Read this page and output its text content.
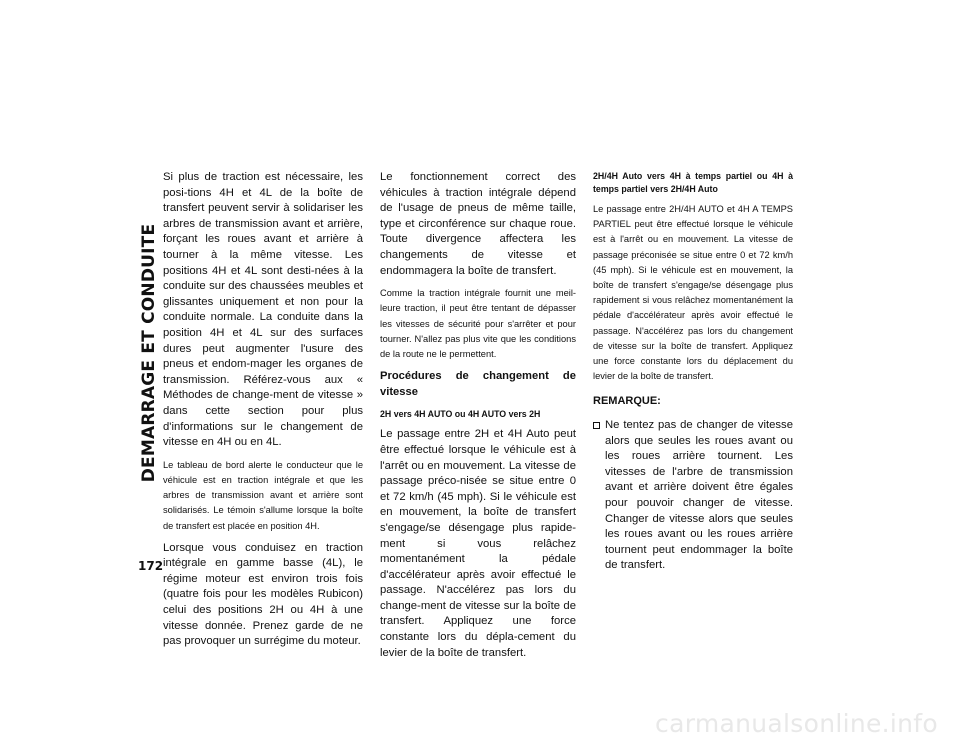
DEMARRAGE ET CONDUITE
172

Si plus de traction est nécessaire, les posi-tions 4H et 4L de la boîte de transfert peuvent servir à solidariser les arbres de transmission avant et arrière, forçant les roues avant et arrière à tourner à la même vitesse. Les positions 4H et 4L sont desti-nées à la conduite sur des chaussées meubles et glissantes uniquement et non pour la conduite normale. La conduite dans la position 4H et 4L sur des surfaces dures peut augmenter l'usure des pneus et endom-mager les organes de transmission. Référez-vous aux « Méthodes de change-ment de vitesse » dans cette section pour plus d'informations sur le changement de vitesse en 4H ou en 4L.

Le tableau de bord alerte le conducteur que le véhicule est en traction intégrale et que les arbres de transmission avant et arrière sont solidarisés. Le témoin s'allume lorsque la boîte de transfert est placée en position 4H.

Lorsque vous conduisez en traction intégrale en gamme basse (4L), le régime moteur est environ trois fois (quatre fois pour les modèles Rubicon) celui des positions 2H ou 4H à une vitesse donnée. Prenez garde de ne pas provoquer un surrégime du moteur.

Le fonctionnement correct des véhicules à traction intégrale dépend de l'usage de pneus de même taille, type et circonférence sur chaque roue. Toute divergence affectera les changements de vitesse et endommagera la boîte de transfert.

Comme la traction intégrale fournit une meil-leure traction, il peut être tentant de dépasser les vitesses de sécurité pour s'arrêter et pour tourner. N'allez pas plus vite que les conditions de la route ne le permettent.

Procédures de changement de vitesse
2H vers 4H AUTO ou 4H AUTO vers 2H

Le passage entre 2H et 4H Auto peut être effectué lorsque le véhicule est à l'arrêt ou en mouvement. La vitesse de passage préco-nisée se situe entre 0 et 72 km/h (45 mph). Si le véhicule est en mouvement, la boîte de transfert s'engage/se désengage plus rapide-ment si vous relâchez momentanément la pédale d'accélérateur après avoir effectué le passage. N'accélérez pas lors du change-ment de vitesse sur la boîte de transfert. Appliquez une force constante lors du dépla-cement du levier de la boîte de transfert.

2H/4H Auto vers 4H à temps partiel ou 4H à temps partiel vers 2H/4H Auto

Le passage entre 2H/4H AUTO et 4H A TEMPS PARTIEL peut être effectué lorsque le véhicule est à l'arrêt ou en mouvement. La vitesse de passage préconisée se situe entre 0 et 72 km/h (45 mph). Si le véhicule est en mouvement, la boîte de transfert s'engage/se désengage plus rapidement si vous relâchez momentanément la pédale d'accélérateur après avoir effectué le passage. N'accélérez pas lors du changement de vitesse sur la boîte de transfert. Appliquez une force constante lors du déplacement du levier de la boîte de transfert.

REMARQUE:
Ne tentez pas de changer de vitesse alors que seules les roues avant ou les roues arrière tournent. Les vitesses de l'arbre de transmission avant et arrière doivent être égales pour pouvoir changer de vitesse. Changer de vitesse alors que seules les roues avant ou les roues arrière tournent peut endommager la boîte de transfert.
carmanualsonline.info
